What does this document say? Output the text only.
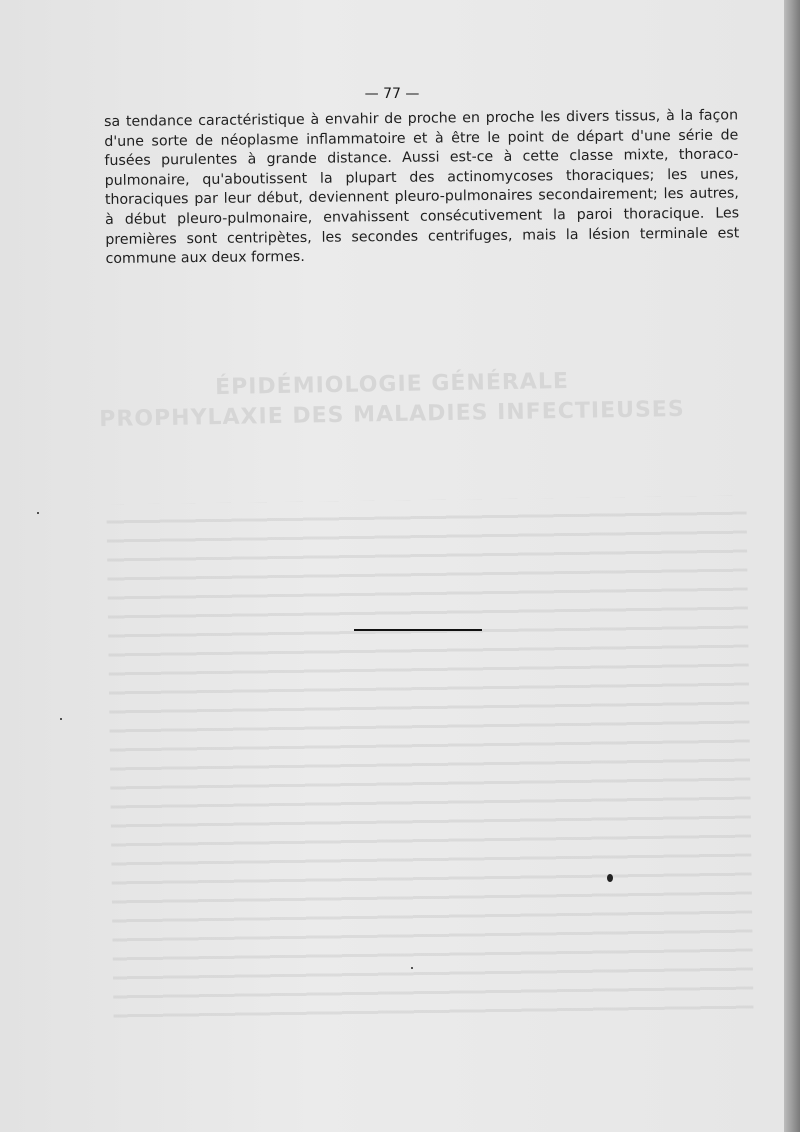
ÉPIDÉMIOLOGIE GÉNÉRALE
PROPHYLAXIE DES MALADIES INFECTIEUSES
— 77 —
sa tendance caractéristique à envahir de proche en proche les divers tissus, à la façon d'une sorte de néoplasme inflammatoire et à être le point de départ d'une série de fusées purulentes à grande distance. Aussi est-ce à cette classe mixte, thoraco-pulmonaire, qu'aboutissent la plupart des actinomycoses thoraciques; les unes, thoraciques par leur début, deviennent pleuro-pulmonaires secondairement; les autres, à début pleuro-pulmonaire, envahissent consécutivement la paroi thoracique. Les premières sont centripètes, les secondes centrifuges, mais la lésion terminale est commune aux deux formes.
